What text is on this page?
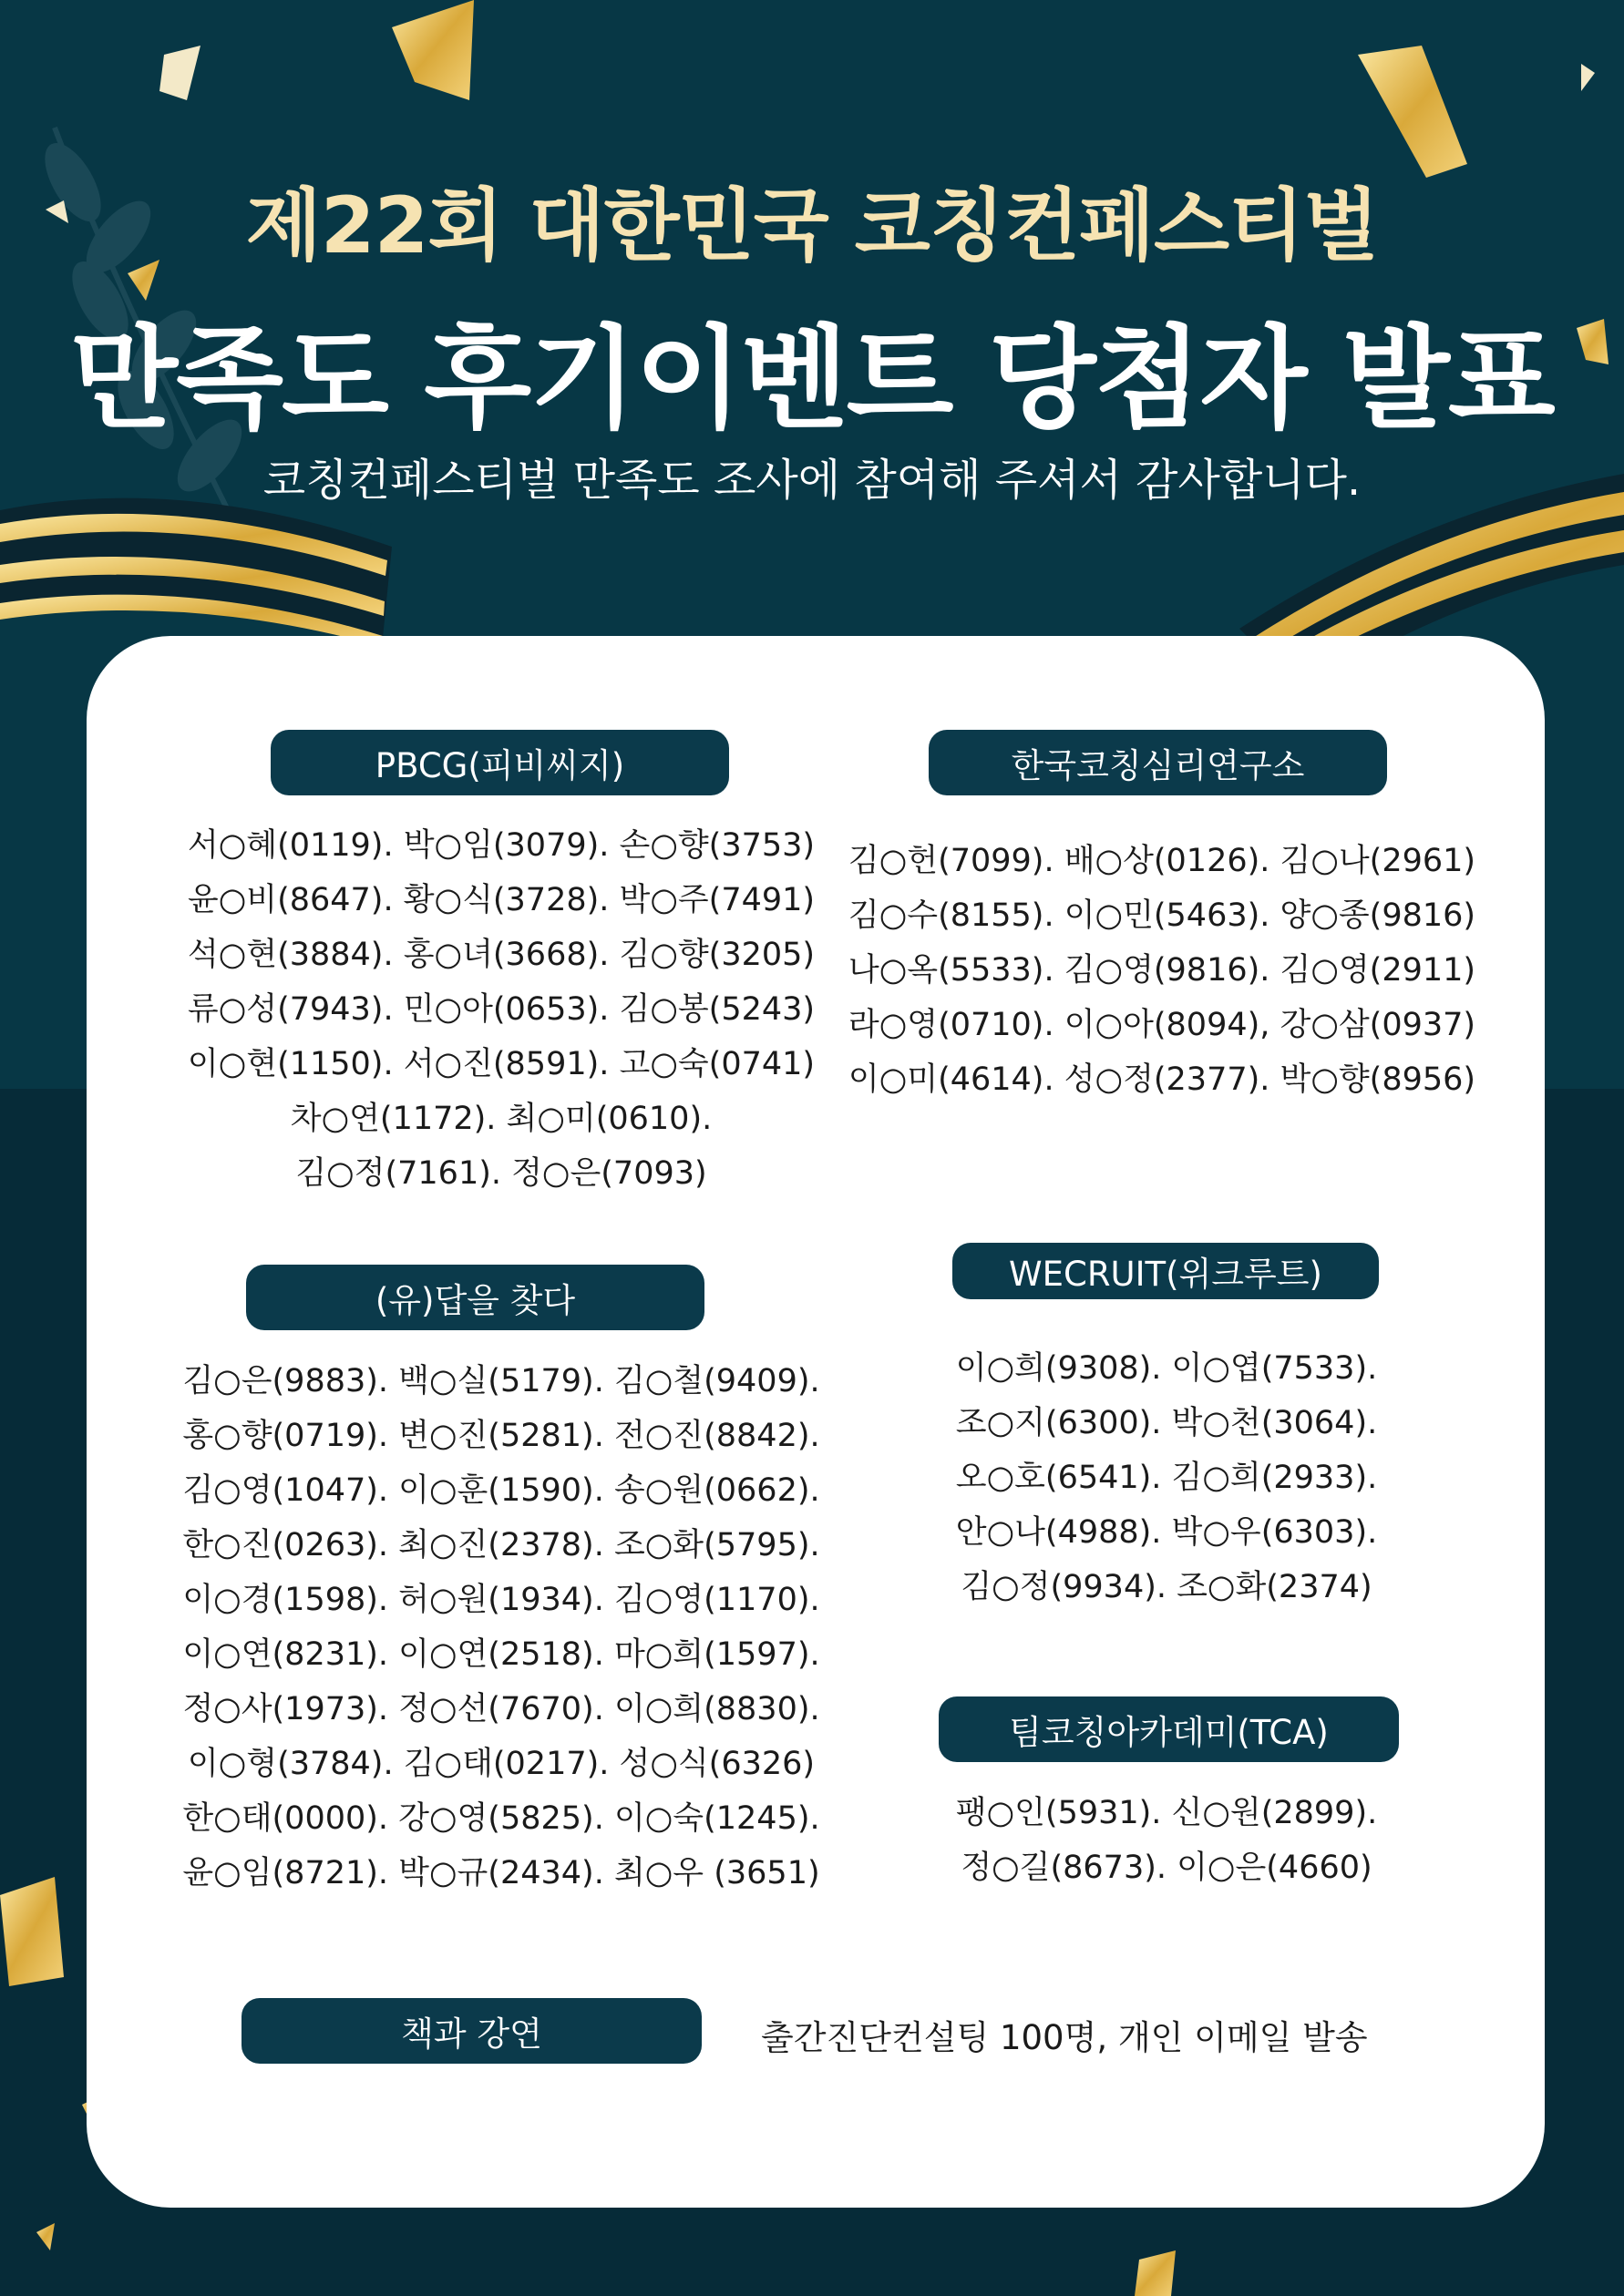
제22회 대한민국 코칭컨페스티벌
만족도 후기이벤트 당첨자 발표
코칭컨페스티벌 만족도 조사에 참여해 주셔서 감사합니다.
PBCG(피비씨지)
서○혜(0119). 박○임(3079). 손○향(3753)
윤○비(8647). 황○식(3728). 박○주(7491)
석○현(3884). 홍○녀(3668). 김○향(3205)
류○성(7943). 민○아(0653). 김○봉(5243)
이○현(1150). 서○진(8591). 고○숙(0741)
차○연(1172). 최○미(0610).
김○정(7161). 정○은(7093)
한국코칭심리연구소
김○헌(7099). 배○상(0126). 김○나(2961)
김○수(8155). 이○민(5463). 양○종(9816)
나○옥(5533). 김○영(9816). 김○영(2911)
라○영(0710). 이○아(8094), 강○삼(0937)
이○미(4614). 성○정(2377). 박○향(8956)
(유)답을 찾다
김○은(9883). 백○실(5179). 김○철(9409).
홍○향(0719). 변○진(5281). 전○진(8842).
김○영(1047). 이○훈(1590). 송○원(0662).
한○진(0263). 최○진(2378). 조○화(5795).
이○경(1598). 허○원(1934). 김○영(1170).
이○연(8231). 이○연(2518). 마○희(1597).
정○사(1973). 정○선(7670). 이○희(8830).
이○형(3784). 김○태(0217). 성○식(6326)
한○태(0000). 강○영(5825). 이○숙(1245).
윤○임(8721). 박○규(2434). 최○우 (3651)
WECRUIT(위크루트)
이○희(9308). 이○엽(7533).
조○지(6300). 박○천(3064).
오○호(6541). 김○희(2933).
안○나(4988). 박○우(6303).
김○정(9934). 조○화(2374)
팀코칭아카데미(TCA)
팽○인(5931). 신○원(2899).
정○길(8673). 이○은(4660)
책과 강연	출간진단컨설팅 100명, 개인 이메일 발송
